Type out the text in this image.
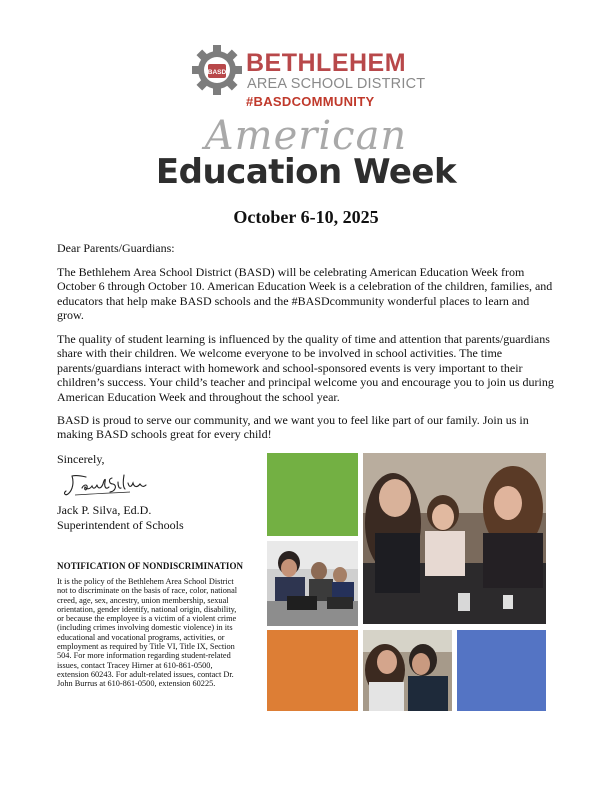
BASD BETHLEHEM
AREA SCHOOL DISTRICT
#BASDCOMMUNITY
American
Education Week
October 6-10, 2025
Dear Parents/Guardians:
The Bethlehem Area School District (BASD) will be celebrating American Education Week from October 6 through October 10. American Education Week is a celebration of the children, families, and educators that help make BASD schools and the #BASDcommunity wonderful places to learn and grow.
The quality of student learning is influenced by the quality of time and attention that parents/guardians share with their children. We welcome everyone to be involved in school activities. The time parents/guardians interact with homework and school-sponsored events is very important to their children’s success. Your child’s teacher and principal welcome you and encourage you to join us during American Education Week and throughout the school year.
BASD is proud to serve our community, and we want you to feel like part of our family. Join us in making BASD schools great for every child!
Sincerely,
Jack P. Silva, Ed.D.
Superintendent of Schools
NOTIFICATION OF NONDISCRIMINATION
It is the policy of the Bethlehem Area School District not to discriminate on the basis of race, color, national creed, age, sex, ancestry, union membership, sexual orientation, gender identify, national origin, disability, or because the employee is a victim of a violent crime (including crimes involving domestic violence) in its educational and vocational programs, activities, or employment as required by Title VI, Title IX, Section 504. For more information regarding student-related issues, contact Tracey Hirner at 610-861-0500, extension 60243. For adult-related issues, contact Dr. John Burrus at 610-861-0500, extension 60225.
